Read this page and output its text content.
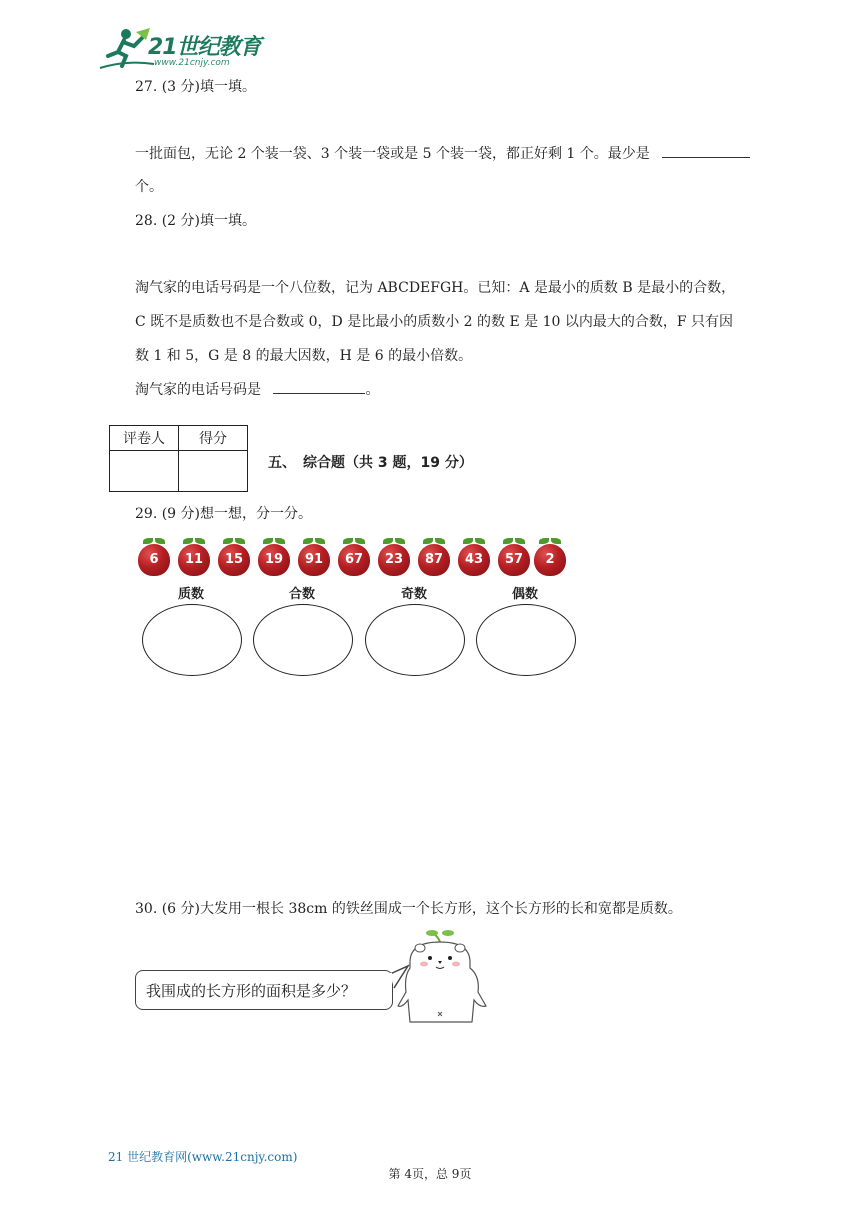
21世纪教育
www.21cnjy.com
27. (3 分)填一填。
一批面包，无论 2 个装一袋、3 个装一袋或是 5 个装一袋，都正好剩 1 个。最少是
个。
28. (2 分)填一填。
淘气家的电话号码是一个八位数，记为 ABCDEFGH。已知：A 是最小的质数 B 是最小的合数，
C 既不是质数也不是合数或 0，D 是比最小的质数小 2 的数 E 是 10 以内最大的合数，F 只有因
数 1 和 5，G 是 8 的最大因数，H 是 6 的最小倍数。
淘气家的电话号码是	。
评卷人	得分

五、　综合题（共 3 题，19 分）
29. (9 分)想一想，分一分。
6	11	15	19	91	67	23	87	43	57	2
质数	合数	奇数	偶数
30. (6 分)大发用一根长 38cm 的铁丝围成一个长方形，这个长方形的长和宽都是质数。
我围成的长方形的面积是多少？
21 世纪教育网(www.21cnjy.com)
第 4页，总 9页
